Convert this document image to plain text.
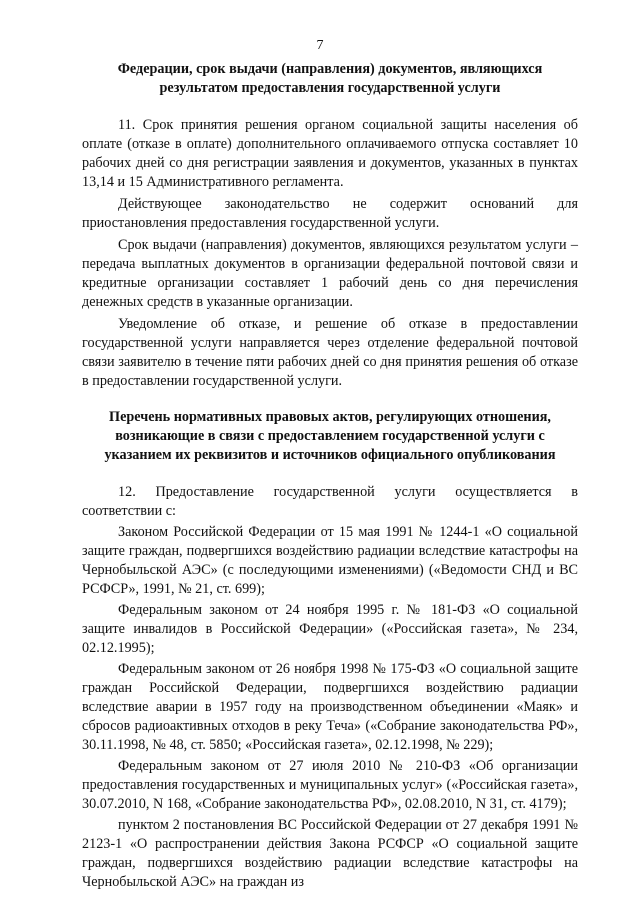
7

Федерации, срок выдачи (направления) документов, являющихся результатом предоставления государственной услуги

11. Срок принятия решения органом социальной защиты населения об оплате (отказе в оплате) дополнительного оплачиваемого отпуска составляет 10 рабочих дней со дня регистрации заявления и документов, указанных в пунктах 13,14 и 15 Административного регламента.

Действующее законодательство не содержит оснований для приостановления предоставления государственной услуги.

Срок выдачи (направления) документов, являющихся результатом услуги – передача выплатных документов в организации федеральной почтовой связи и кредитные организации составляет 1 рабочий день со дня перечисления денежных средств в указанные организации.

Уведомление об отказе, и решение об отказе в предоставлении государственной услуги направляется через отделение федеральной почтовой связи заявителю в течение пяти рабочих дней со дня принятия решения об отказе в предоставлении государственной услуги.

Перечень нормативных правовых актов, регулирующих отношения, возникающие в связи с предоставлением государственной услуги с указанием их реквизитов и источников официального опубликования

12. Предоставление государственной услуги осуществляется в соответствии с:

Законом Российской Федерации от 15 мая 1991 № 1244-1 «О социальной защите граждан, подвергшихся воздействию радиации вследствие катастрофы на Чернобыльской АЭС» (с последующими изменениями) («Ведомости СНД и ВС РСФСР», 1991, № 21, ст. 699);

Федеральным законом от 24 ноября 1995 г. № 181-ФЗ «О социальной защите инвалидов в Российской Федерации» («Российская газета», № 234, 02.12.1995);

Федеральным законом от 26 ноября 1998 № 175-ФЗ «О социальной защите граждан Российской Федерации, подвергшихся воздействию радиации вследствие аварии в 1957 году на производственном объединении «Маяк» и сбросов радиоактивных отходов в реку Теча» («Собрание законодательства РФ», 30.11.1998, № 48, ст. 5850; «Российская газета», 02.12.1998, № 229);

Федеральным законом от 27 июля 2010 № 210-ФЗ «Об организации предоставления государственных и муниципальных услуг» («Российская газета», 30.07.2010, N 168, «Собрание законодательства РФ», 02.08.2010, N 31, ст. 4179);

пунктом 2 постановления ВС Российской Федерации от 27 декабря 1991 № 2123-1 «О распространении действия Закона РСФСР «О социальной защите граждан, подвергшихся воздействию радиации вследствие катастрофы на Чернобыльской АЭС» на граждан из
